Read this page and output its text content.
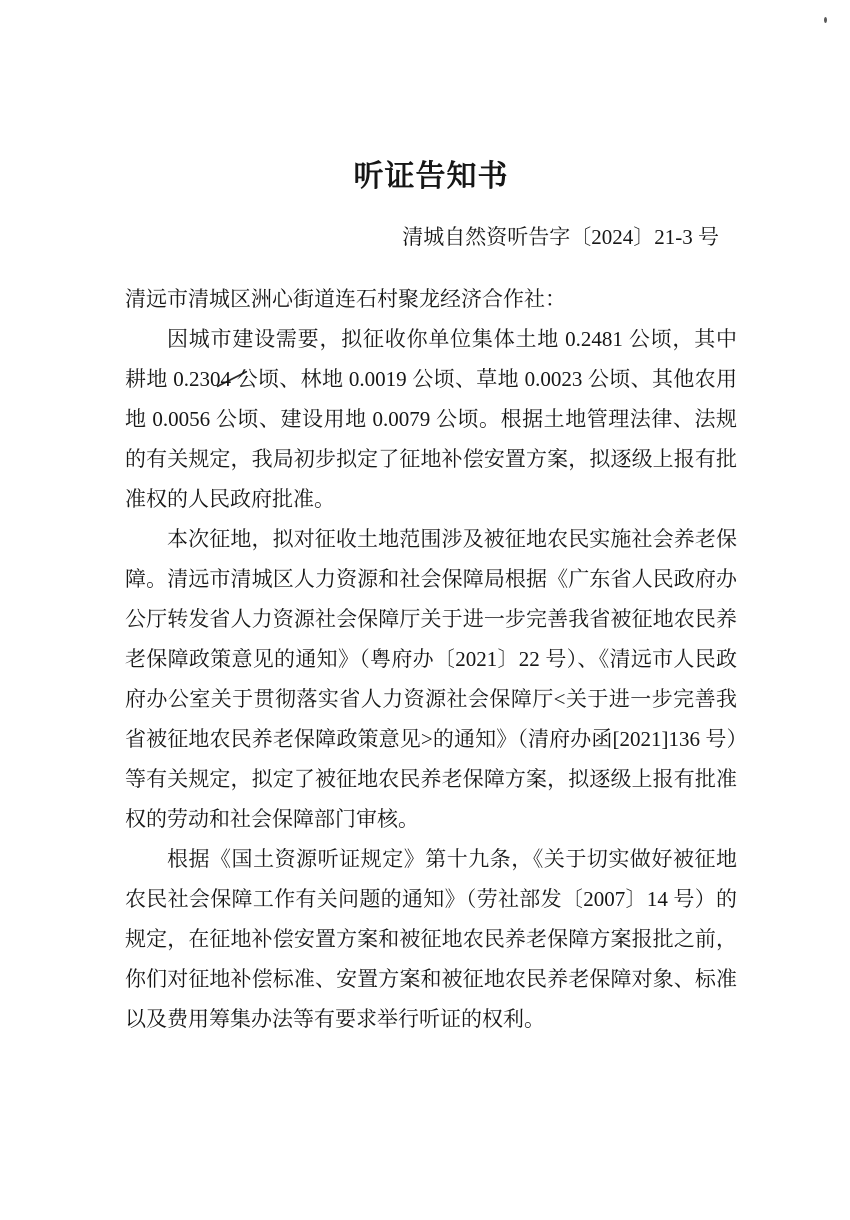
听证告知书
清城自然资听告字〔2024〕21-3 号
清远市清城区洲心街道连石村聚龙经济合作社：

因城市建设需要，拟征收你单位集体土地 0.2481 公顷，其中耕地 0.2304 公顷、林地 0.0019 公顷、草地 0.0023 公顷、其他农用地 0.0056 公顷、建设用地 0.0079 公顷。根据土地管理法律、法规的有关规定，我局初步拟定了征地补偿安置方案，拟逐级上报有批准权的人民政府批准。

本次征地，拟对征收土地范围涉及被征地农民实施社会养老保障。清远市清城区人力资源和社会保障局根据《广东省人民政府办公厅转发省人力资源社会保障厅关于进一步完善我省被征地农民养老保障政策意见的通知》（粤府办〔2021〕22 号）、《清远市人民政府办公室关于贯彻落实省人力资源社会保障厅<关于进一步完善我省被征地农民养老保障政策意见>的通知》（清府办函[2021]136 号）等有关规定，拟定了被征地农民养老保障方案，拟逐级上报有批准权的劳动和社会保障部门审核。

根据《国土资源听证规定》第十九条，《关于切实做好被征地农民社会保障工作有关问题的通知》（劳社部发〔2007〕14 号）的规定，在征地补偿安置方案和被征地农民养老保障方案报批之前，你们对征地补偿标准、安置方案和被征地农民养老保障对象、标准以及费用筹集办法等有要求举行听证的权利。
